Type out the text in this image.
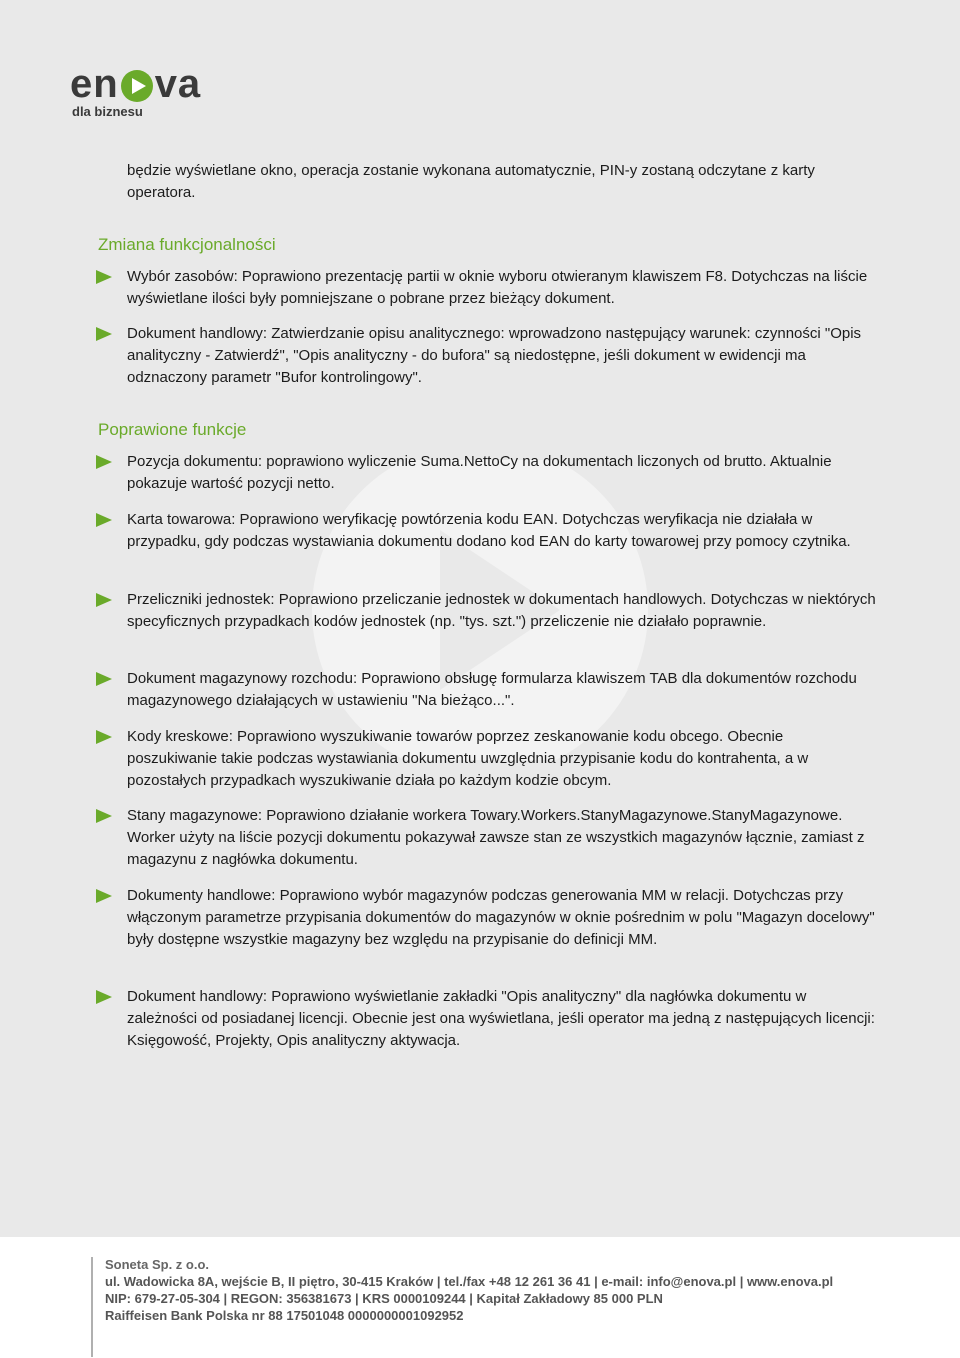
en va
dla biznesu

będzie wyświetlane okno, operacja zostanie wykonana automatycznie, PIN-y zostaną odczytane z karty operatora.

Zmiana funkcjonalności

Wybór zasobów: Poprawiono prezentację partii w oknie wyboru otwieranym klawiszem F8. Dotychczas na liście wyświetlane ilości były pomniejszane o pobrane przez bieżący dokument.

Dokument handlowy: Zatwierdzanie opisu analitycznego: wprowadzono następujący warunek: czynności "Opis analityczny - Zatwierdź", "Opis analityczny - do bufora" są niedostępne, jeśli dokument w ewidencji ma odznaczony parametr "Bufor kontrolingowy".

Poprawione funkcje

Pozycja dokumentu: poprawiono wyliczenie Suma.NettoCy na dokumentach liczonych od brutto. Aktualnie pokazuje wartość pozycji netto.

Karta towarowa: Poprawiono weryfikację powtórzenia kodu EAN. Dotychczas weryfikacja nie działała w przypadku, gdy podczas wystawiania dokumentu dodano kod EAN do karty towarowej przy pomocy czytnika.

Przeliczniki jednostek: Poprawiono przeliczanie jednostek w dokumentach handlowych. Dotychczas w niektórych specyficznych przypadkach kodów jednostek (np. "tys. szt.") przeliczenie nie działało poprawnie.

Dokument magazynowy rozchodu: Poprawiono obsługę formularza klawiszem TAB dla dokumentów rozchodu magazynowego działających w ustawieniu "Na bieżąco...".

Kody kreskowe: Poprawiono wyszukiwanie towarów poprzez zeskanowanie kodu obcego. Obecnie poszukiwanie takie podczas wystawiania dokumentu uwzględnia przypisanie kodu do kontrahenta, a w pozostałych przypadkach wyszukiwanie działa po każdym kodzie obcym.

Stany magazynowe: Poprawiono działanie workera Towary.Workers.StanyMagazynowe.StanyMagazynowe. Worker użyty na liście pozycji dokumentu pokazywał zawsze stan ze wszystkich magazynów łącznie, zamiast z magazynu z nagłówka dokumentu.

Dokumenty handlowe: Poprawiono wybór magazynów podczas generowania MM w relacji. Dotychczas przy włączonym parametrze przypisania dokumentów do magazynów w oknie pośrednim w polu "Magazyn docelowy" były dostępne wszystkie magazyny bez względu na przypisanie do definicji MM.

Dokument handlowy: Poprawiono wyświetlanie zakładki "Opis analityczny" dla nagłówka dokumentu w zależności od posiadanej licencji. Obecnie jest ona wyświetlana, jeśli operator ma jedną z następujących licencji: Księgowość, Projekty, Opis analityczny aktywacja.

Soneta Sp. z o.o.

ul. Wadowicka 8A, wejście B, II piętro, 30-415 Kraków | tel./fax +48 12 261 36 41 | e-mail: info@enova.pl | www.enova.pl

NIP: 679-27-05-304 | REGON: 356381673 | KRS 0000109244 | Kapitał Zakładowy 85 000 PLN

Raiffeisen Bank Polska nr 88 17501048 0000000001092952
